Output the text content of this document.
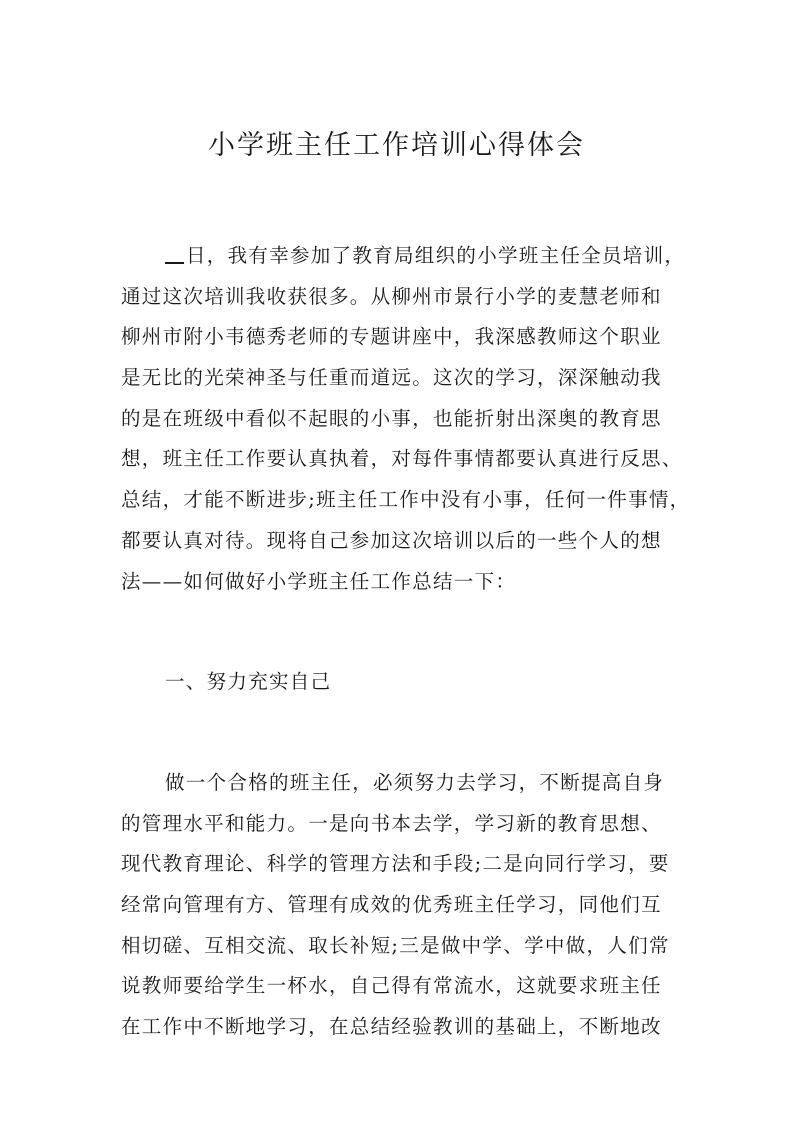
小学班主任工作培训心得体会
日，我有幸参加了教育局组织的小学班主任全员培训，
通过这次培训我收获很多。从柳州市景行小学的麦慧老师和
柳州市附小韦德秀老师的专题讲座中，我深感教师这个职业
是无比的光荣神圣与任重而道远。这次的学习，深深触动我
的是在班级中看似不起眼的小事，也能折射出深奥的教育思
想，班主任工作要认真执着，对每件事情都要认真进行反思、
总结，才能不断进步;班主任工作中没有小事，任何一件事情，
都要认真对待。现将自己参加这次培训以后的一些个人的想
法——如何做好小学班主任工作总结一下：
一、努力充实自己
做一个合格的班主任，必须努力去学习，不断提高自身
的管理水平和能力。一是向书本去学，学习新的教育思想、
现代教育理论、科学的管理方法和手段;二是向同行学习，要
经常向管理有方、管理有成效的优秀班主任学习，同他们互
相切磋、互相交流、取长补短;三是做中学、学中做，人们常
说教师要给学生一杯水，自己得有常流水，这就要求班主任
在工作中不断地学习，在总结经验教训的基础上，不断地改
